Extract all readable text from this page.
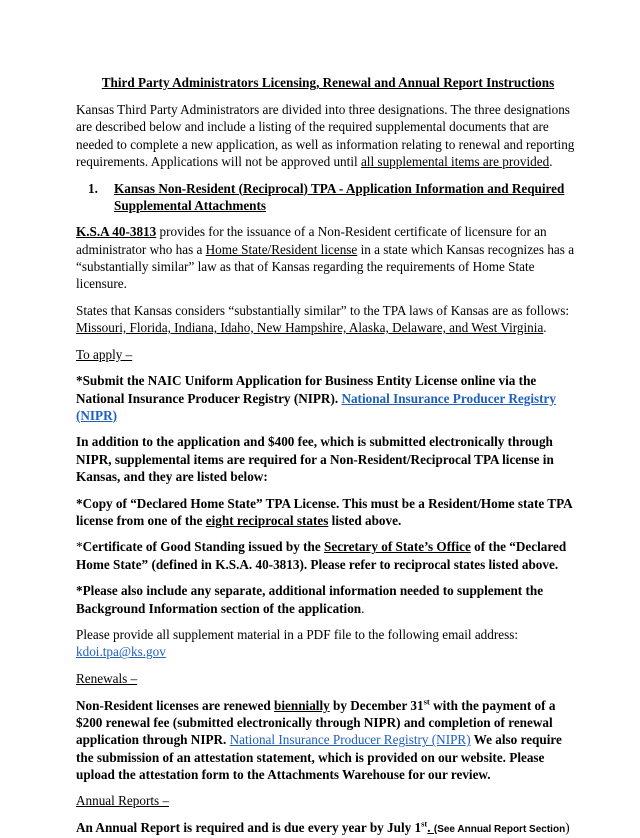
Third Party Administrators Licensing, Renewal and Annual Report Instructions

Kansas Third Party Administrators are divided into three designations. The three designations are described below and include a listing of the required supplemental documents that are needed to complete a new application, as well as information relating to renewal and reporting requirements. Applications will not be approved until all supplemental items are provided.

1.	Kansas Non-Resident (Reciprocal) TPA - Application Information and Required Supplemental Attachments

K.S.A 40-3813 provides for the issuance of a Non-Resident certificate of licensure for an administrator who has a Home State/Resident license in a state which Kansas recognizes has a “substantially similar” law as that of Kansas regarding the requirements of Home State licensure.

States that Kansas considers “substantially similar” to the TPA laws of Kansas are as follows: Missouri, Florida, Indiana, Idaho, New Hampshire, Alaska, Delaware, and West Virginia.

To apply –

*Submit the NAIC Uniform Application for Business Entity License online via the National Insurance Producer Registry (NIPR). National Insurance Producer Registry (NIPR)

In addition to the application and $400 fee, which is submitted electronically through NIPR, supplemental items are required for a Non-Resident/Reciprocal TPA license in Kansas, and they are listed below:

*Copy of “Declared Home State” TPA License. This must be a Resident/Home state TPA license from one of the eight reciprocal states listed above.

*Certificate of Good Standing issued by the Secretary of State’s Office of the “Declared Home State” (defined in K.S.A. 40-3813). Please refer to reciprocal states listed above.

*Please also include any separate, additional information needed to supplement the Background Information section of the application.

Please provide all supplement material in a PDF file to the following email address: kdoi.tpa@ks.gov

Renewals –

Non-Resident licenses are renewed biennially by December 31st with the payment of a $200 renewal fee (submitted electronically through NIPR) and completion of renewal application through NIPR. National Insurance Producer Registry (NIPR) We also require the submission of an attestation statement, which is provided on our website. Please upload the attestation form to the Attachments Warehouse for our review.

Annual Reports –

An Annual Report is required and is due every year by July 1st. (See Annual Report Section)
